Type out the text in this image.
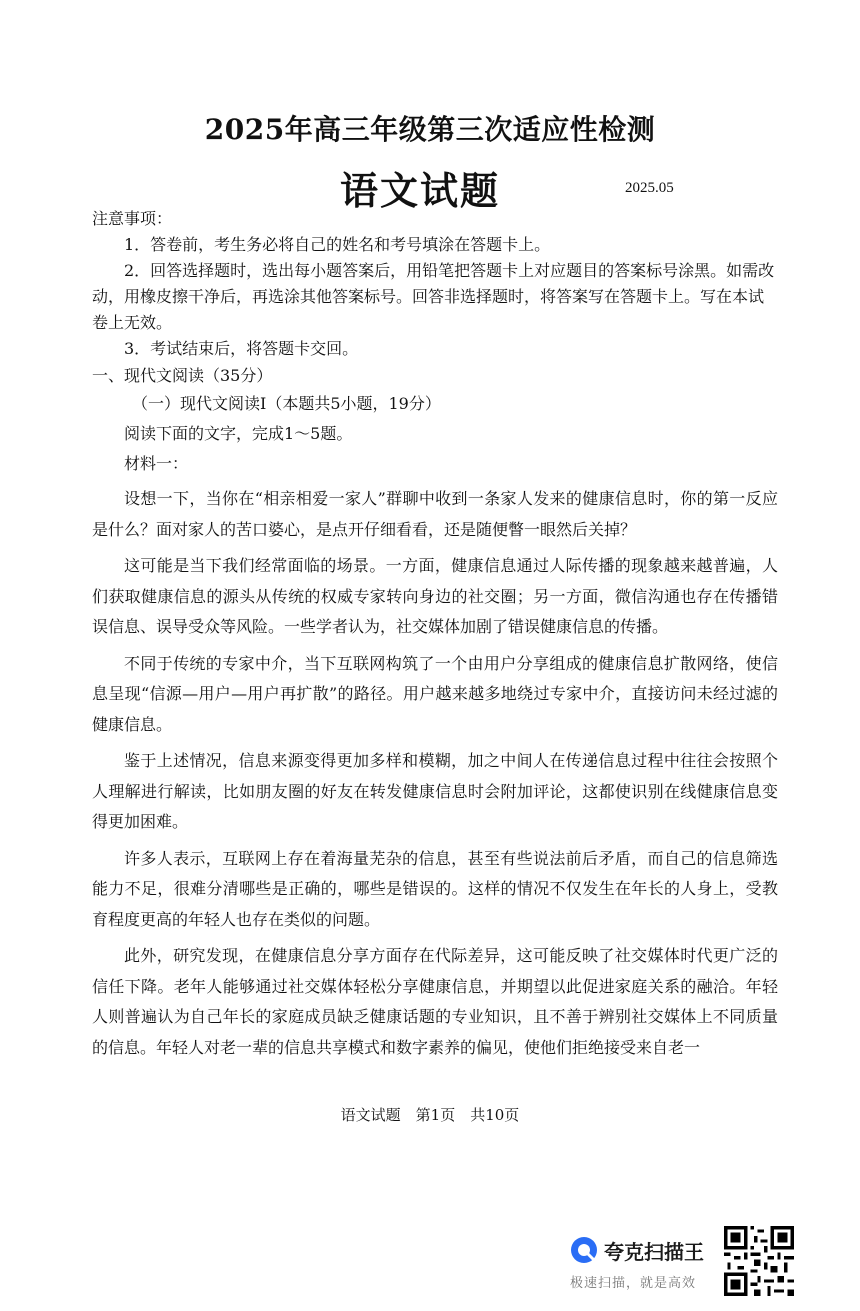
2025年高三年级第三次适应性检测
语文试题	2025.05

注意事项：

1．答卷前，考生务必将自己的姓名和考号填涂在答题卡上。

2．回答选择题时，选出每小题答案后，用铅笔把答题卡上对应题目的答案标号涂黑。如需改动，用橡皮擦干净后，再选涂其他答案标号。回答非选择题时，将答案写在答题卡上。写在本试卷上无效。

3．考试结束后，将答题卡交回。

一、现代文阅读（35分）
（一）现代文阅读Ⅰ（本题共5小题，19分）
阅读下面的文字，完成1～5题。
材料一：

设想一下，当你在“相亲相爱一家人”群聊中收到一条家人发来的健康信息时，你的第一反应是什么？面对家人的苦口婆心，是点开仔细看看，还是随便瞥一眼然后关掉？

这可能是当下我们经常面临的场景。一方面，健康信息通过人际传播的现象越来越普遍，人们获取健康信息的源头从传统的权威专家转向身边的社交圈；另一方面，微信沟通也存在传播错误信息、误导受众等风险。一些学者认为，社交媒体加剧了错误健康信息的传播。

不同于传统的专家中介，当下互联网构筑了一个由用户分享组成的健康信息扩散网络，使信息呈现“信源—用户—用户再扩散”的路径。用户越来越多地绕过专家中介，直接访问未经过滤的健康信息。

鉴于上述情况，信息来源变得更加多样和模糊，加之中间人在传递信息过程中往往会按照个人理解进行解读，比如朋友圈的好友在转发健康信息时会附加评论，这都使识别在线健康信息变得更加困难。

许多人表示，互联网上存在着海量芜杂的信息，甚至有些说法前后矛盾，而自己的信息筛选能力不足，很难分清哪些是正确的，哪些是错误的。这样的情况不仅发生在年长的人身上，受教育程度更高的年轻人也存在类似的问题。

此外，研究发现，在健康信息分享方面存在代际差异，这可能反映了社交媒体时代更广泛的信任下降。老年人能够通过社交媒体轻松分享健康信息，并期望以此促进家庭关系的融洽。年轻人则普遍认为自己年长的家庭成员缺乏健康话题的专业知识，且不善于辨别社交媒体上不同质量的信息。年轻人对老一辈的信息共享模式和数字素养的偏见，使他们拒绝接受来自老一

语文试题　第1页　共10页
夸克扫描王
极速扫描，就是高效
